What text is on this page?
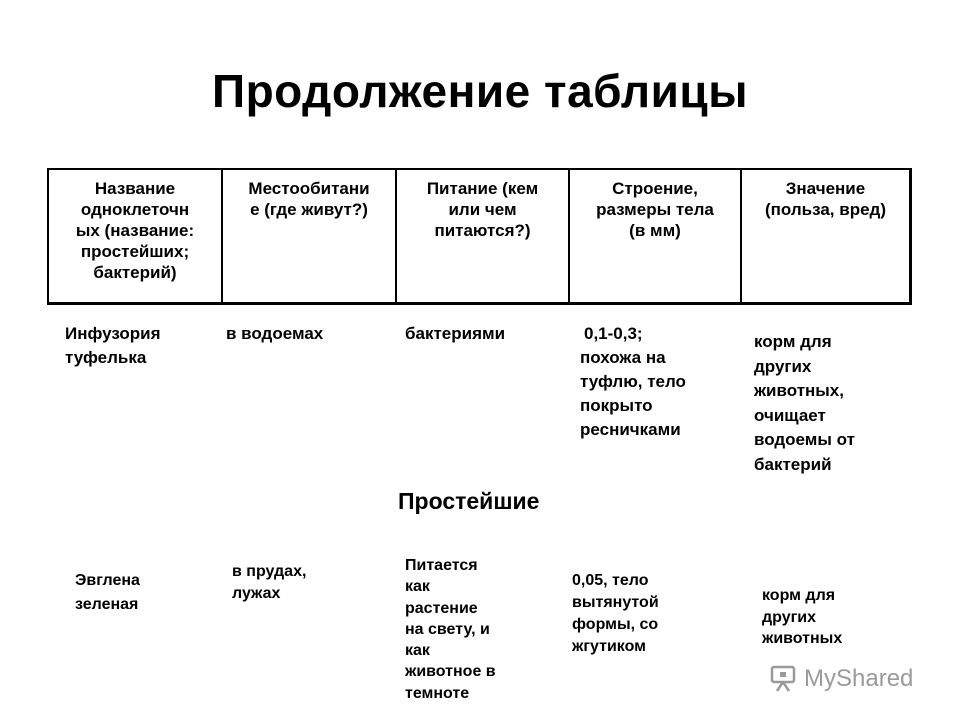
Продолжение таблицы
Название
одноклеточн
ых (название:
простейших;
бактерий)
Местообитани
е (где живут?)
Питание (кем
или чем
питаются?)
Строение,
размеры тела
(в мм)
Значение
(польза, вред)
Инфузория
туфелька
в водоемах	бактериями	0,1-0,3;
похожа на
туфлю, тело
покрыто
ресничками
корм для
других
животных,
очищает
водоемы от
бактерий
Простейшие
Эвглена
зеленая
в прудах,
лужах
Питается
как
растение
на свету, и
как
животное в
темноте
0,05, тело
вытянутой
формы, со
жгутиком
корм для
других
животных
MyShared
